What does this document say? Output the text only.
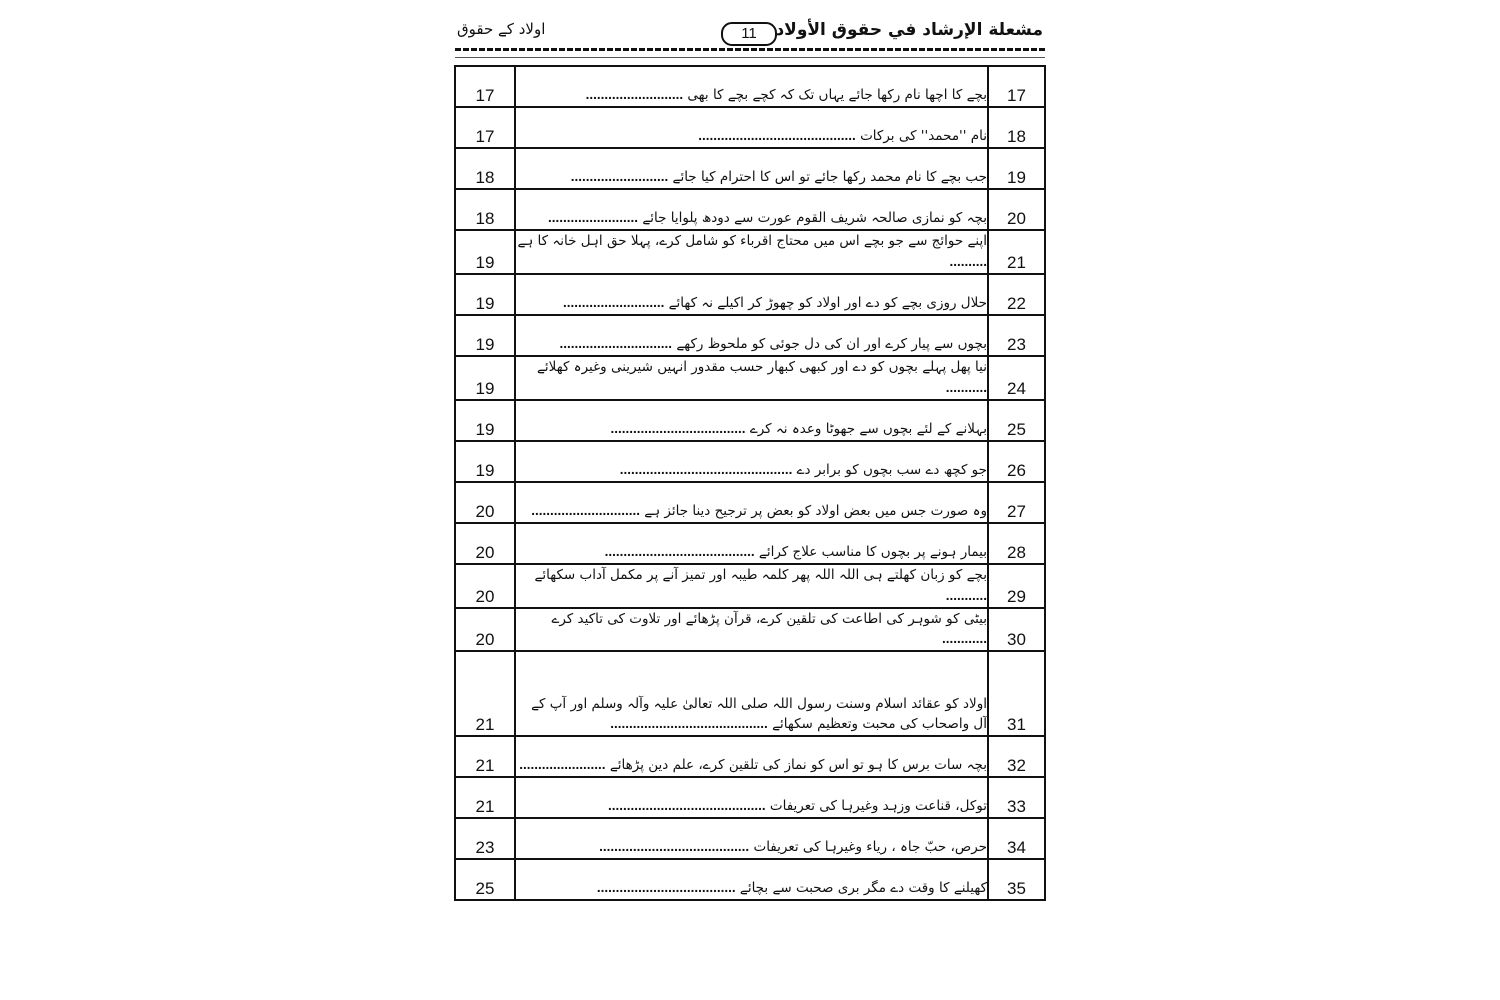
مشعلة الإرشاد في حقوق الأولاد
11
اولاد کے حقوق
17	بچے کا اچھا نام رکھا جائے یہاں تک کہ کچے بچے کا بھی ..........................	17
17	نام ''محمد'' کی برکات ..........................................	18
18	جب بچے کا نام محمد رکھا جائے تو اس کا احترام کیا جائے ..........................	19
18	بچہ کو نمازی صالحہ شریف القوم عورت سے دودھ پلوایا جائے ........................	20
19	اپنے حوائج سے جو بچے اس میں محتاج اقرباء کو شامل کرے، پہلا حق اہل خانہ کا ہے ..........	21
19	حلال روزی بچے کو دے اور اولاد کو چھوڑ کر اکیلے نہ کھائے ...........................	22
19	بچوں سے پیار کرے اور ان کی دل جوئی کو ملحوظ رکھے ..............................	23
19	نیا پھل پہلے بچوں کو دے اور کبھی کبھار حسب مقدور انہیں شیرینی وغیرہ کھلائے ...........	24
19	بہلانے کے لئے بچوں سے جھوٹا وعدہ نہ کرے ....................................	25
19	جو کچھ دے سب بچوں کو برابر دے ..............................................	26
20	وہ صورت جس میں بعض اولاد کو بعض پر ترجیح دینا جائز ہے .............................	27
20	بیمار ہونے پر بچوں کا مناسب علاج کرائے ........................................	28
20	بچے کو زبان کھلتے ہی اللہ اللہ پھر کلمہ طیبہ اور تمیز آنے پر مکمل آداب سکھائے ...........	29
20	بیٹی کو شوہر کی اطاعت کی تلقین کرے، قرآن پڑھائے اور تلاوت کی تاکید کرے ............	30
21	اولاد کو عقائد اسلام وسنت رسول اللہ صلی اللہ تعالیٰ علیہ وآلہ وسلم اور آپ کے آل واصحاب کی محبت وتعظیم سکھائے ..........................................	31
21	بچہ سات برس کا ہو تو اس کو نماز کی تلقین کرے، علم دین پڑھائے .......................	32
21	توکل، قناعت وزہد وغیرہا کی تعریفات ..........................................	33
23	حرص، حبّ جاہ ، ریاء وغیرہا کی تعریفات ........................................	34
25	کھیلنے کا وقت دے مگر بری صحبت سے بچائے .....................................	35
